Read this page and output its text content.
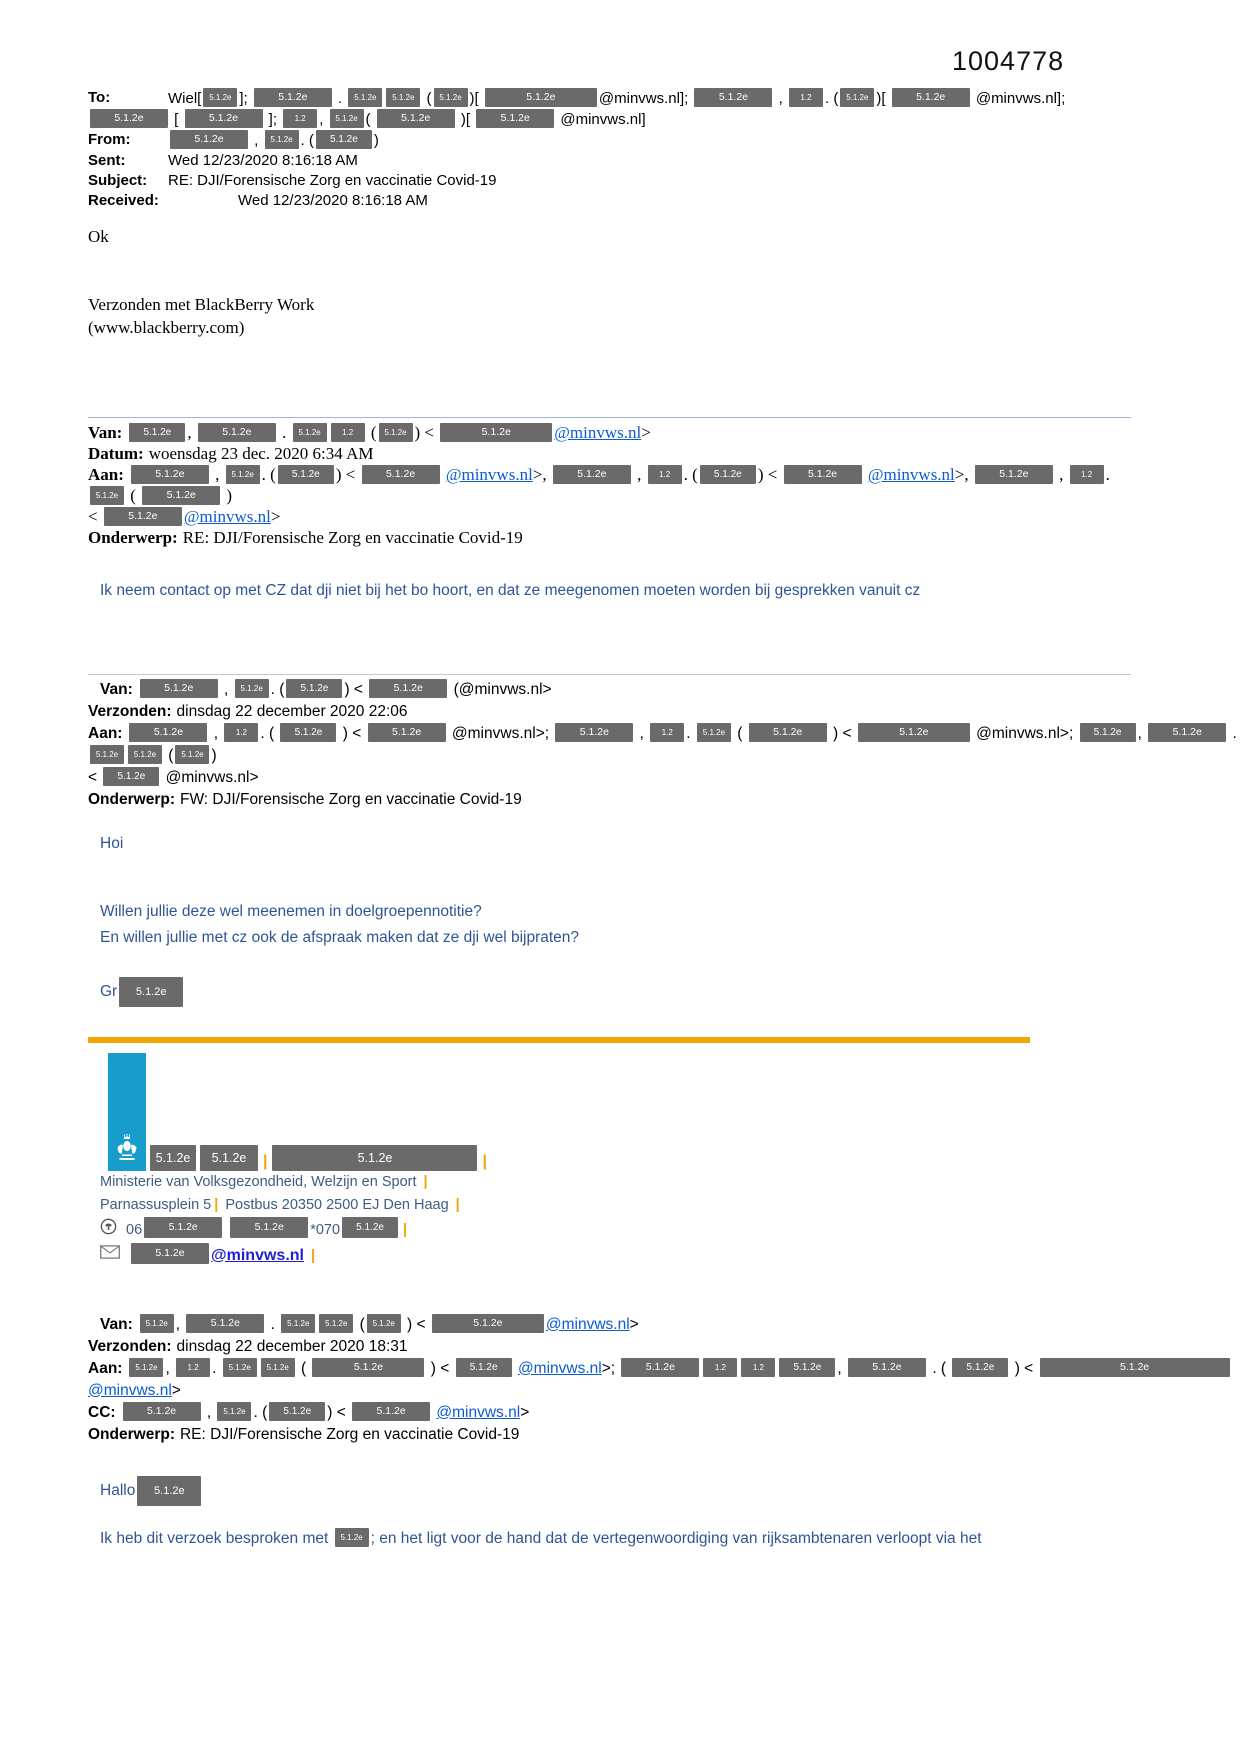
1004778
To:	Wiel[ 5.1.2e ];	5.1.2e . 5.1.2e 5.1.2e ( 5.1.2e )[	5.1.2e	@minvws.nl];	5.1.2e , 1.2 . ( 5.1.2e )[	5.1.2e @minvws.nl]; 5.1.2e [	5.1.2e ]; 1.2 , 5.1.2e (	5.1.2e )[	5.1.2e @minvws.nl]
From:	5.1.2e , 5.1.2e . ( 5.1.2e )
Sent:	Wed 12/23/2020 8:16:18 AM
Subject: RE: DJI/Forensische Zorg en vaccinatie Covid-19
Received:	Wed 12/23/2020 8:16:18 AM

Ok

Verzonden met BlackBerry Work

(www.blackberry.com)

Van: 5.1.2e ,	5.1.2e . 5.1.2e	1.2 ( 5.1.2e ) <	5.1.2e	@minvws.nl>
Datum: woensdag 23 dec. 2020 6:34 AM
Aan:	5.1.2e , 5.1.2e . ( 5.1.2e ) <	5.1.2e @minvws.nl>,	5.1.2e , 1.2 . ( 5.1.2e ) <	5.1.2e @minvws.nl>,	5.1.2e , 1.2 . 5.1.2e (	5.1.2e )
<	5.1.2e @minvws.nl>
Onderwerp: RE: DJI/Forensische Zorg en vaccinatie Covid-19

Ik neem contact op met CZ dat dji niet bij het bo hoort, en dat ze meegenomen moeten worden bij gesprekken vanuit cz

Van:	5.1.2e , 5.1.2e . ( 5.1.2e ) <	5.1.2e (@minvws.nl>
Verzonden: dinsdag 22 december 2020 22:06
Aan:	5.1.2e , 1.2 . ( 5.1.2e ) <	5.1.2e @minvws.nl>;	5.1.2e , 1.2 . 5.1.2e (	5.1.2e ) <	5.1.2e	@minvws.nl>; 5.1.2e ,	5.1.2e . 5.1.2e 5.1.2e ( 5.1.2e )
< 5.1.2e @minvws.nl>
Onderwerp: FW: DJI/Forensische Zorg en vaccinatie Covid-19

Hoi

Willen jullie deze wel meenemen in doelgroepennotitie?
En willen jullie met cz ook de afspraak maken dat ze dji wel bijpraten?
Gr 5.1.2e
5.1.2e 5.1.2e |	5.1.2e	|
Ministerie van Volksgezondheid, Welzijn en Sport |
Parnassusplein 5 | Postbus 20350 2500 EJ Den Haag |
06	5.1.2e	5.1.2e *070 5.1.2e |
5.1.2e @minvws.nl |
Van: 5.1.2e ,	5.1.2e . 5.1.2e 5.1.2e ( 5.1.2e ) <	5.1.2e	@minvws.nl>
Verzonden: dinsdag 22 december 2020 18:31
Aan: 5.1.2e , 1.2 . 5.1.2e 5.1.2e (	5.1.2e	) < 5.1.2e @minvws.nl>;	5.1.2e	1.2	1.2	5.1.2e ,	5.1.2e . ( 5.1.2e ) <	5.1.2e@minvws.nl>
CC:	5.1.2e , 5.1.2e . ( 5.1.2e ) <	5.1.2e @minvws.nl>
Onderwerp: RE: DJI/Forensische Zorg en vaccinatie Covid-19
Hallo 5.1.2e
Ik heb dit verzoek besproken met 5.1.2e ; en het ligt voor de hand dat de vertegenwoordiging van rijksambtenaren verloopt via het
